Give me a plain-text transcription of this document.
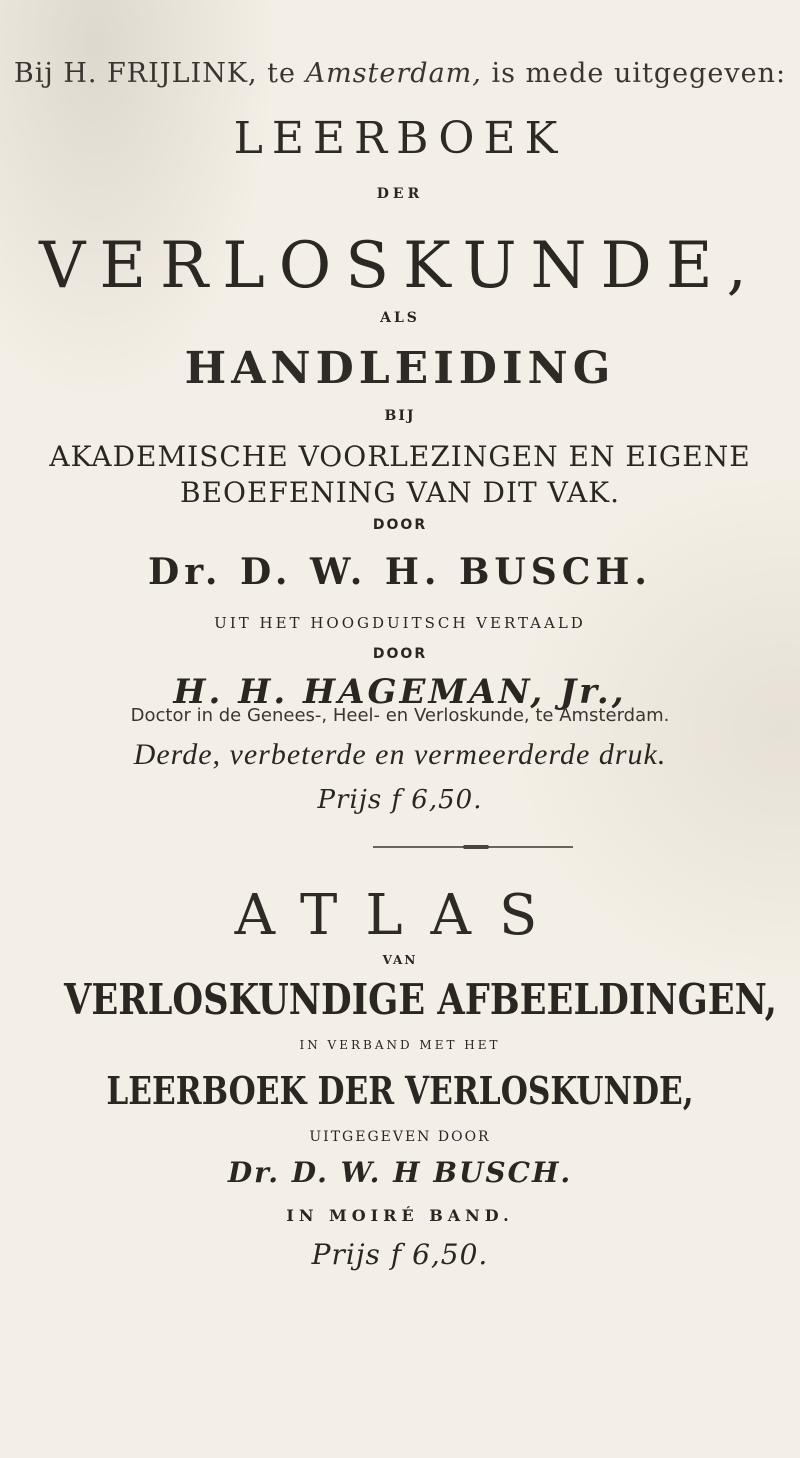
Bij H. FRIJLINK, te Amsterdam, is mede uitgegeven:
LEERBOEK
DER
VERLOSKUNDE,
ALS
HANDLEIDING
BIJ
AKADEMISCHE VOORLEZINGEN EN EIGENE
BEOEFENING VAN DIT VAK.
DOOR
Dr. D. W. H. BUSCH.
UIT HET HOOGDUITSCH VERTAALD
DOOR
H. H. HAGEMAN, Jr.,
Doctor in de Genees-, Heel- en Verloskunde, te Amsterdam.
Derde, verbeterde en vermeerderde druk.
Prijs f 6,50.
ATLAS
VAN
VERLOSKUNDIGE AFBEELDINGEN,
IN VERBAND MET HET
LEERBOEK DER VERLOSKUNDE,
UITGEGEVEN DOOR
Dr. D. W. H BUSCH.
IN MOIRÉ BAND.
Prijs f 6,50.
